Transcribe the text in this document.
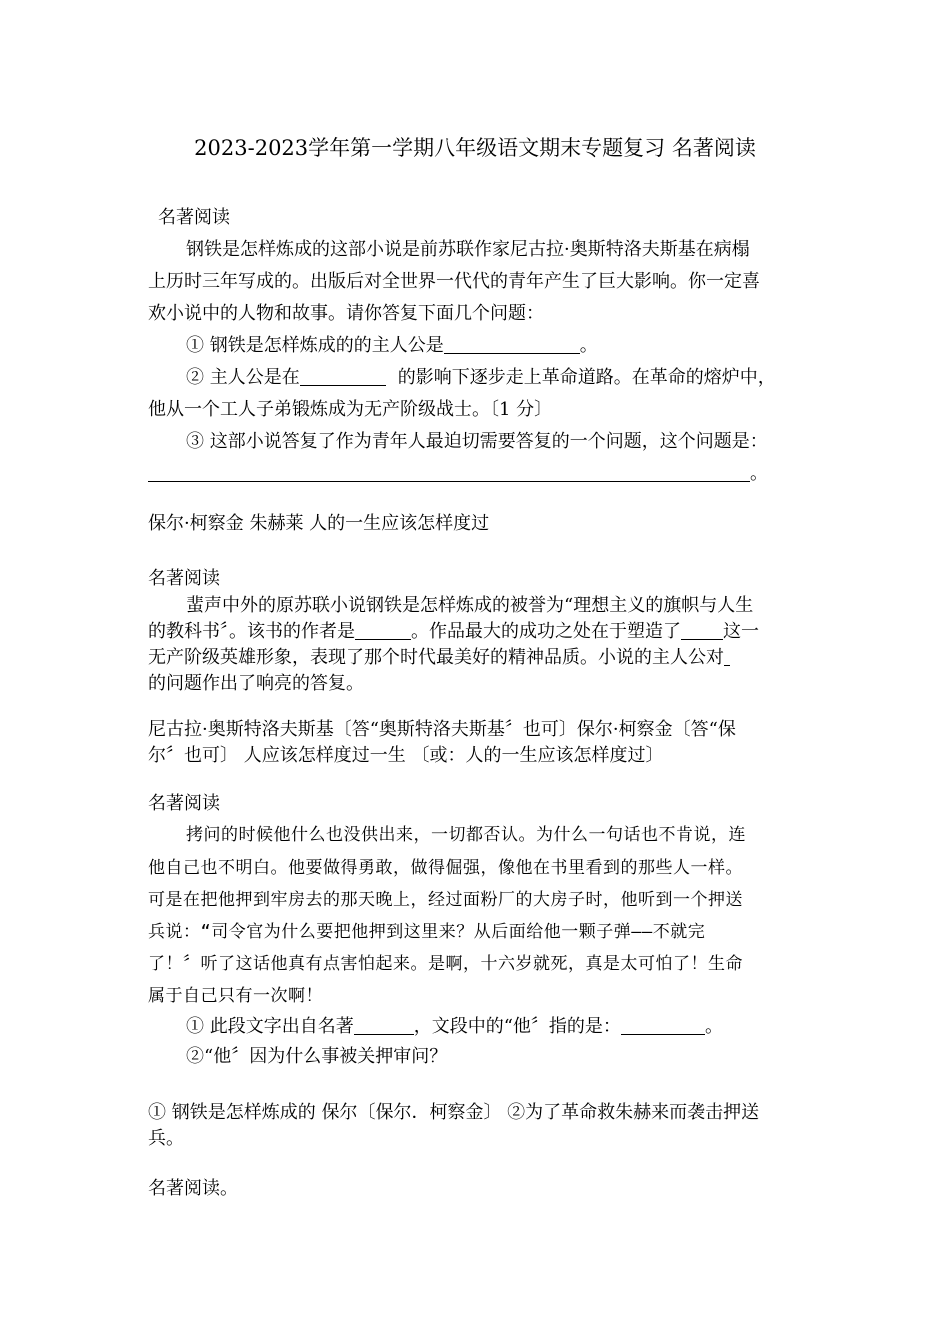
2023-2023学年第一学期八年级语文期末专题复习 名著阅读
名著阅读
钢铁是怎样炼成的这部小说是前苏联作家尼古拉·奥斯特洛夫斯基在病榻
上历时三年写成的。出版后对全世界一代代的青年产生了巨大影响。你一定喜
欢小说中的人物和故事。请你答复下面几个问题：
① 钢铁是怎样炼成的的主人公是	。
② 主人公是在	的影响下逐步走上革命道路。在革命的熔炉中，
他从一个工人子弟锻炼成为无产阶级战士。〔1 分〕
③ 这部小说答复了作为青年人最迫切需要答复的一个问题，这个问题是：
。
保尔·柯察金 朱赫莱 人的一生应该怎样度过
名著阅读
蜚声中外的原苏联小说钢铁是怎样炼成的被誉为“理想主义的旗帜与人生
的教科书〞。该书的作者是	。作品最大的成功之处在于塑造了 这一
无产阶级英雄形象，表现了那个时代最美好的精神品质。小说的主人公对
的问题作出了响亮的答复。
尼古拉·奥斯特洛夫斯基〔答“奥斯特洛夫斯基〞也可〕保尔·柯察金〔答“保
尔〞也可〕 人应该怎样度过一生 〔或：人的一生应该怎样度过〕
名著阅读
拷问的时候他什么也没供出来，一切都否认。为什么一句话也不肯说，连
他自己也不明白。他要做得勇敢，做得倔强，像他在书里看到的那些人一样。
可是在把他押到牢房去的那天晚上，经过面粉厂的大房子时，他听到一个押送
兵说：“司令官为什么要把他押到这里来？从后面给他一颗子弹——不就完
了！〞听了这话他真有点害怕起来。是啊，十六岁就死，真是太可怕了！生命
属于自己只有一次啊！
① 此段文字出自名著	，文段中的“他〞指的是：	。
②“他〞因为什么事被关押审问？
① 钢铁是怎样炼成的 保尔〔保尔．柯察金〕 ②为了革命救朱赫来而袭击押送
兵。
名著阅读。
